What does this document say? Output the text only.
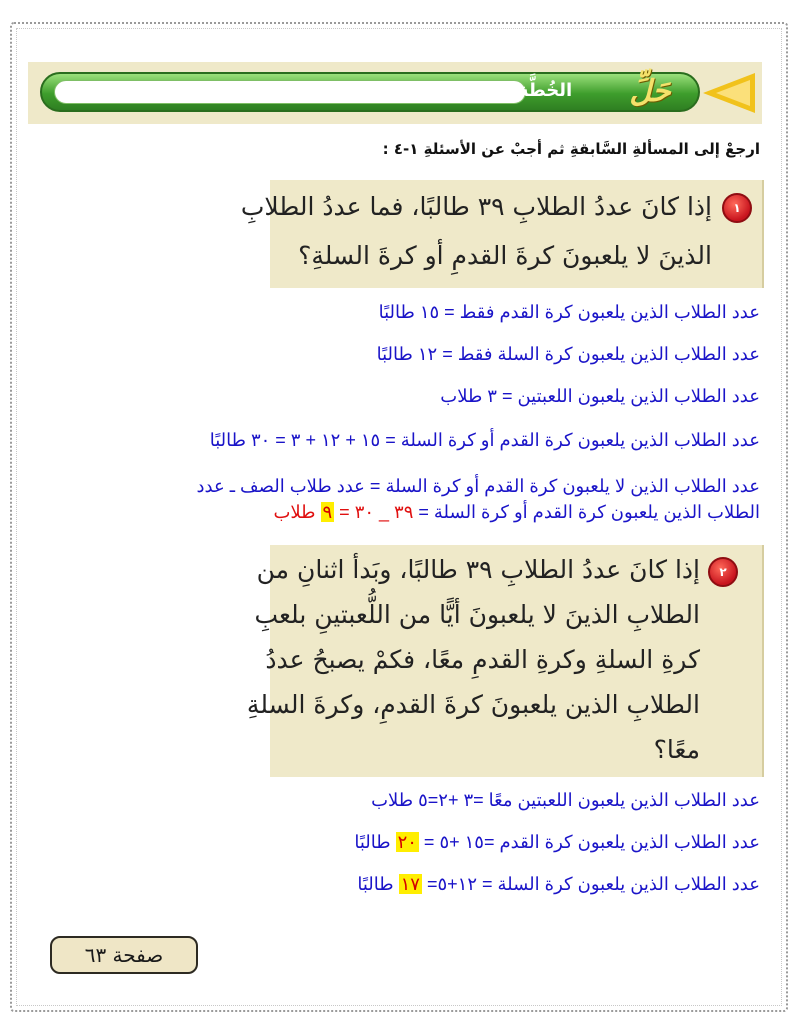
حَلِّ
الخُطَّة
ارجعْ إلى المسألةِ السَّابقةِ ثم أجبْ عن الأسئلةِ ١-٤ :
١
إذا كانَ عددُ الطلابِ ٣٩ طالبًا، فما عددُ الطلابِ
الذينَ لا يلعبونَ كرةَ القدمِ أو كرةَ السلةِ؟
عدد الطلاب الذين يلعبون كرة القدم فقط = ١٥ طالبًا
عدد الطلاب الذين يلعبون كرة السلة فقط = ١٢ طالبًا
عدد الطلاب الذين يلعبون اللعبتين = ٣ طلاب
عدد الطلاب الذين يلعبون كرة القدم أو كرة السلة = ١٥ + ١٢ + ٣ = ٣٠ طالبًا
عدد الطلاب الذين لا يلعبون كرة القدم أو كرة السلة = عدد طلاب الصف ـ عدد
الطلاب الذين يلعبون كرة القدم أو كرة السلة = ٣٩ _ ٣٠ = ٩ طلاب
٢
إذا كانَ عددُ الطلابِ ٣٩ طالبًا، وبَدأ اثنانِ من
الطلابِ الذينَ لا يلعبونَ أيًّا من اللُّعبتينِ بلعبِ
كرةِ السلةِ وكرةِ القدمِ معًا، فكمْ يصبحُ عددُ
الطلابِ الذين يلعبونَ كرةَ القدمِ، وكرةَ السلةِ
معًا؟
عدد الطلاب الذين يلعبون اللعبتين معًا =٣ +٢=٥ طلاب
عدد الطلاب الذين يلعبون كرة القدم =١٥ +٥ = ٢٠ طالبًا
عدد الطلاب الذين يلعبون كرة السلة = ١٢+٥= ١٧ طالبًا
صفحة ٦٣
